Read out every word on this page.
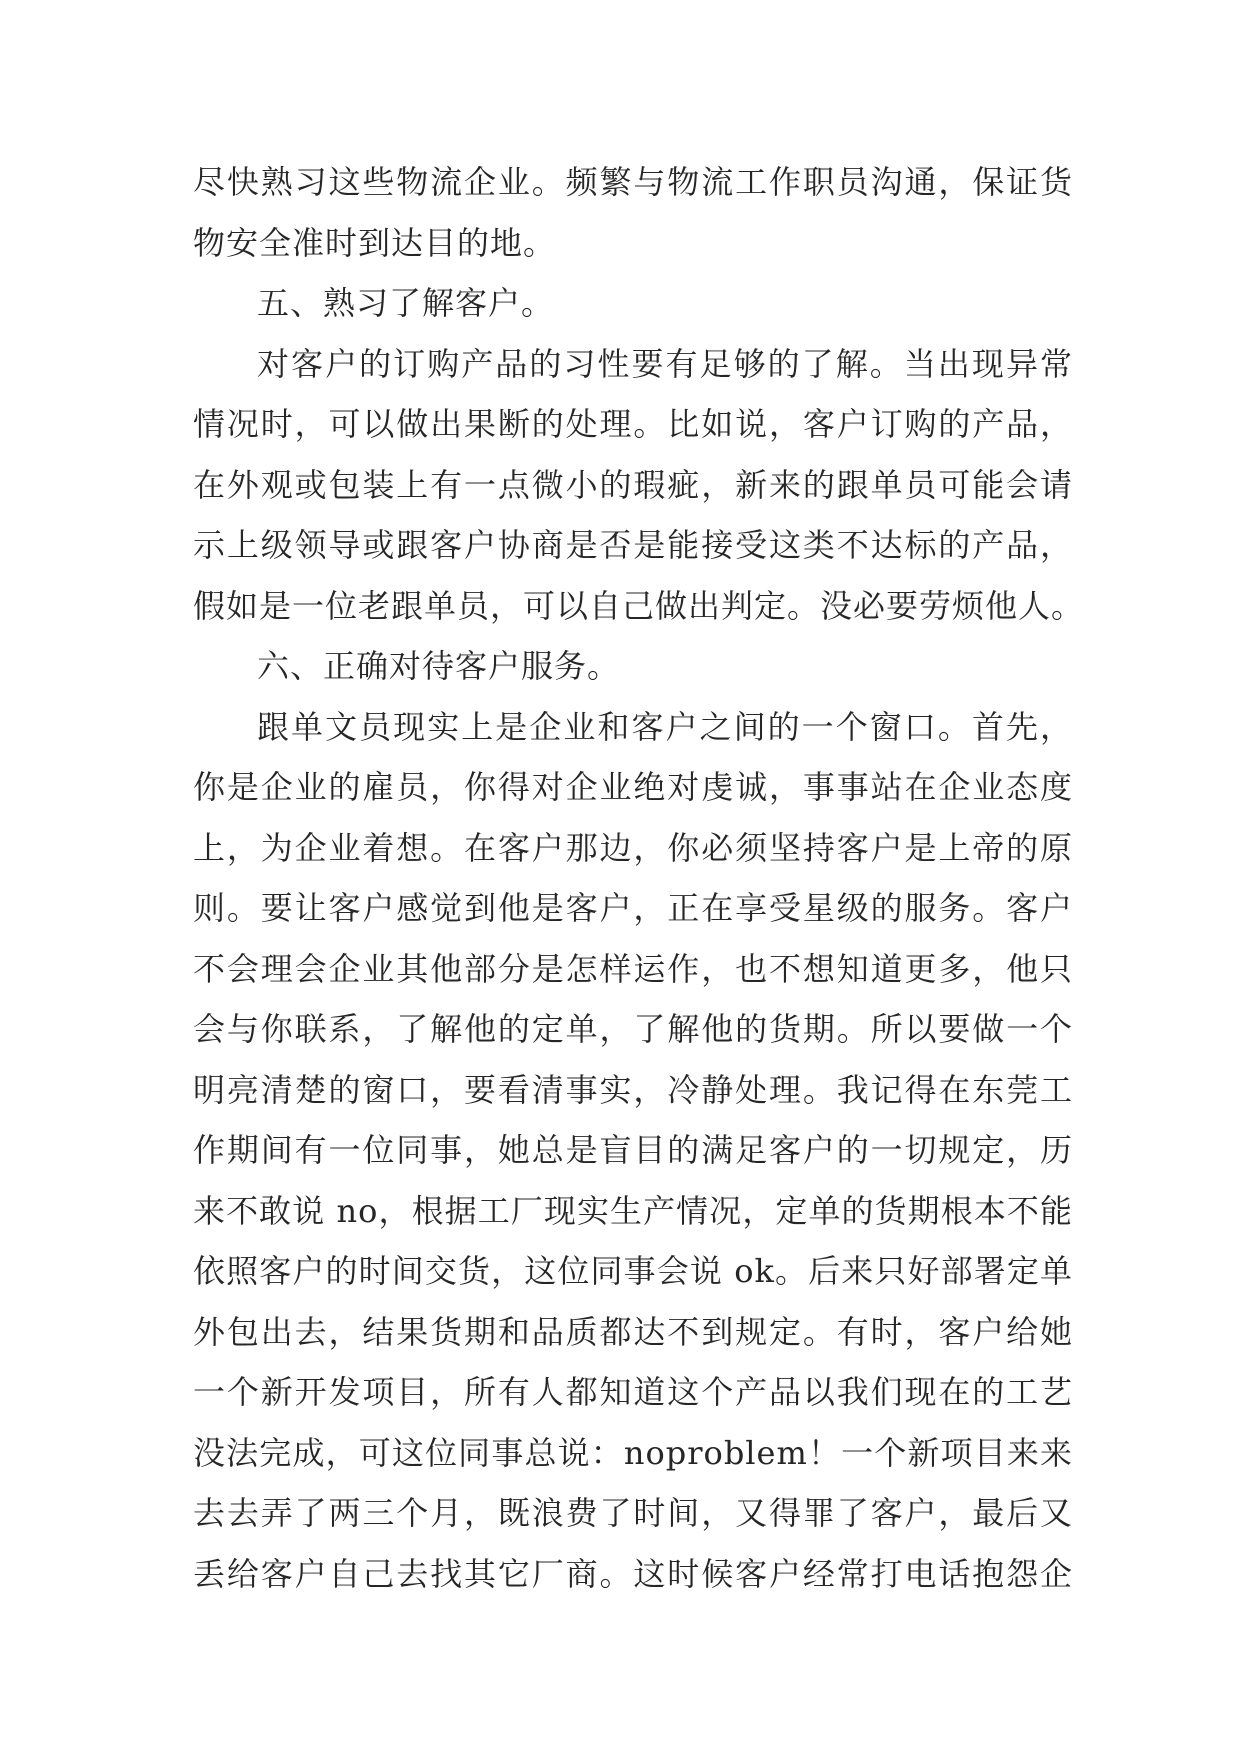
尽快熟习这些物流企业。频繁与物流工作职员沟通，保证货
物安全准时到达目的地。
五、熟习了解客户。
对客户的订购产品的习性要有足够的了解。当出现异常
情况时，可以做出果断的处理。比如说，客户订购的产品，
在外观或包装上有一点微小的瑕疵，新来的跟单员可能会请
示上级领导或跟客户协商是否是能接受这类不达标的产品，
假如是一位老跟单员，可以自己做出判定。没必要劳烦他人。
六、正确对待客户服务。
跟单文员现实上是企业和客户之间的一个窗口。首先，
你是企业的雇员，你得对企业绝对虔诚，事事站在企业态度
上，为企业着想。在客户那边，你必须坚持客户是上帝的原
则。要让客户感觉到他是客户，正在享受星级的服务。客户
不会理会企业其他部分是怎样运作，也不想知道更多，他只
会与你联系，了解他的定单，了解他的货期。所以要做一个
明亮清楚的窗口，要看清事实，冷静处理。我记得在东莞工
作期间有一位同事，她总是盲目的满足客户的一切规定，历
来不敢说 no，根据工厂现实生产情况，定单的货期根本不能
依照客户的时间交货，这位同事会说 ok。后来只好部署定单
外包出去，结果货期和品质都达不到规定。有时，客户给她
一个新开发项目，所有人都知道这个产品以我们现在的工艺
没法完成，可这位同事总说：noproblem！一个新项目来来
去去弄了两三个月，既浪费了时间，又得罪了客户，最后又
丢给客户自己去找其它厂商。这时候客户经常打电话抱怨企
